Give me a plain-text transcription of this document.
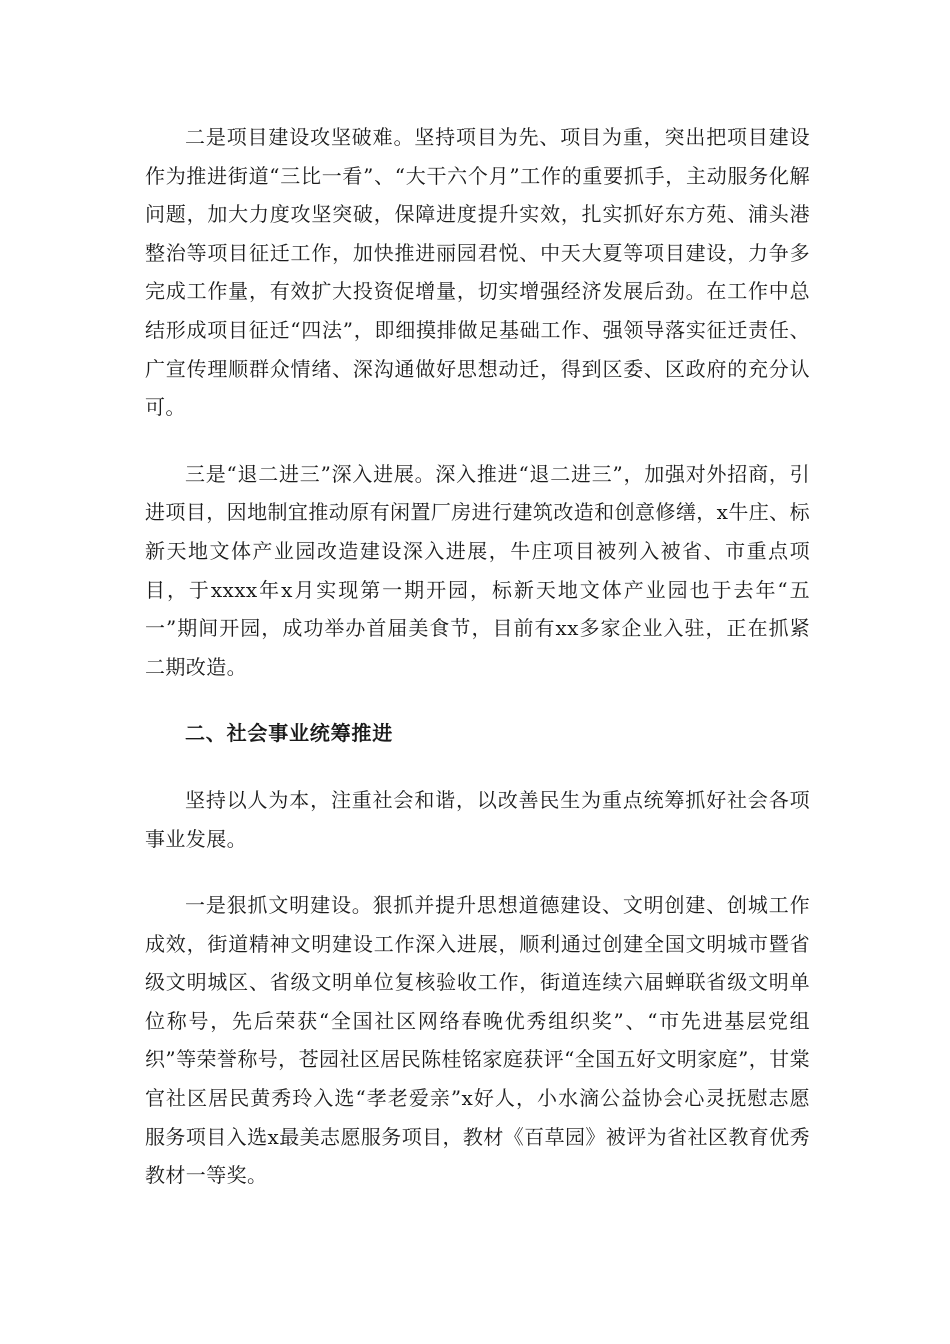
二是项目建设攻坚破难。坚持项目为先、项目为重，突出把项目建设作为推进街道“三比一看”、“大干六个月”工作的重要抓手，主动服务化解问题，加大力度攻坚突破，保障进度提升实效，扎实抓好东方苑、浦头港整治等项目征迁工作，加快推进丽园君悦、中天大夏等项目建设，力争多完成工作量，有效扩大投资促增量，切实增强经济发展后劲。在工作中总结形成项目征迁“四法”，即细摸排做足基础工作、强领导落实征迁责任、广宣传理顺群众情绪、深沟通做好思想动迁，得到区委、区政府的充分认可。

三是“退二进三”深入进展。深入推进“退二进三”，加强对外招商，引进项目，因地制宜推动原有闲置厂房进行建筑改造和创意修缮，x牛庄、标新天地文体产业园改造建设深入进展，牛庄项目被列入被省、市重点项目，于xxxx年x月实现第一期开园，标新天地文体产业园也于去年“五一”期间开园，成功举办首届美食节，目前有xx多家企业入驻，正在抓紧二期改造。

二、社会事业统筹推进

坚持以人为本，注重社会和谐，以改善民生为重点统筹抓好社会各项事业发展。

一是狠抓文明建设。狠抓并提升思想道德建设、文明创建、创城工作成效，街道精神文明建设工作深入进展，顺利通过创建全国文明城市暨省级文明城区、省级文明单位复核验收工作，街道连续六届蝉联省级文明单位称号，先后荣获“全国社区网络春晚优秀组织奖”、“市先进基层党组织”等荣誉称号，苍园社区居民陈桂铭家庭获评“全国五好文明家庭”，甘棠官社区居民黄秀玲入选“孝老爱亲”x好人，小水滴公益协会心灵抚慰志愿服务项目入选x最美志愿服务项目，教材《百草园》被评为省社区教育优秀教材一等奖。
